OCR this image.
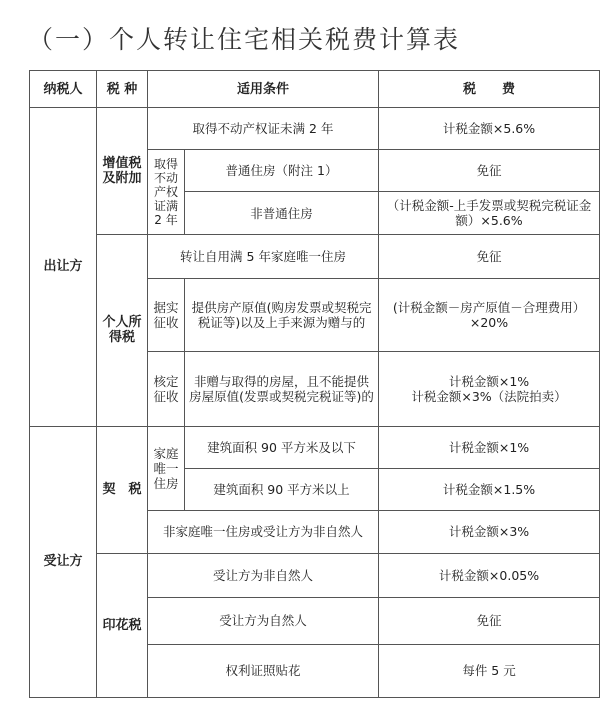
（一）个人转让住宅相关税费计算表
纳税人	税 种	适用条件		税　　费
出让方	增值税及附加	取得不动产权证未满 2 年		计税金额×5.6%
		取得不动产权证满 2 年	普通住房（附注 1）	免征
			非普通住房	（计税金额-上手发票或契税完税证金额）×5.6%
	个人所得税	转让自用满 5 年家庭唯一住房		免征
		据实征收	提供房产原值(购房发票或契税完税证等)以及上手来源为赠与的	(计税金额－房产原值－合理费用）×20%
		核定征收	非赠与取得的房屋，且不能提供房屋原值(发票或契税完税证等)的	计税金额×1%
计税金额×3%（法院拍卖）

受让方	契　税	家庭唯一住房	建筑面积 90 平方米及以下	计税金额×1%
			建筑面积 90 平方米以上	计税金额×1.5%
		非家庭唯一住房或受让方为非自然人		计税金额×3%
	印花税	受让方为非自然人		计税金额×0.05%
		受让方为自然人		免征
		权利证照贴花		每件 5 元
